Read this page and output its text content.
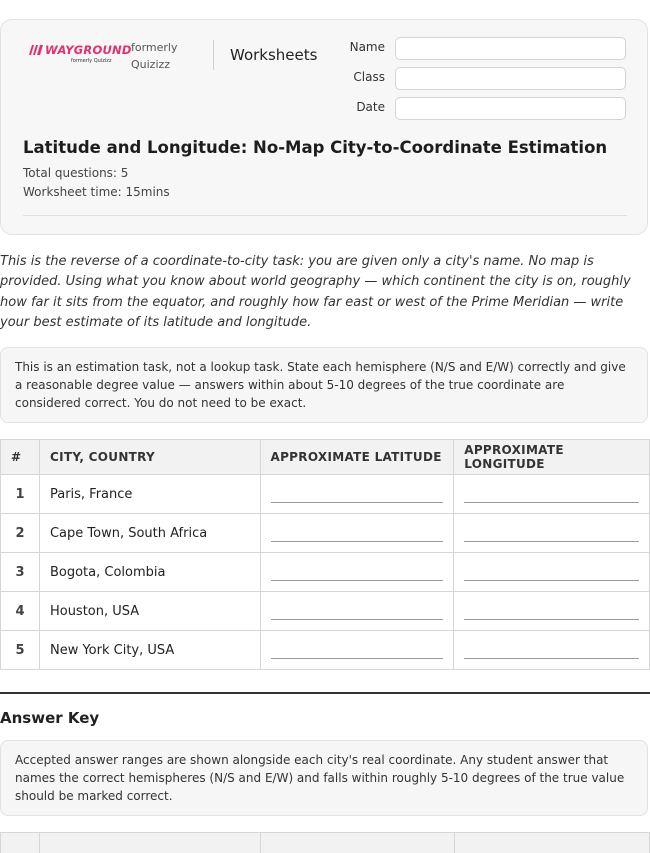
WAYGROUND
formerly Quizizz
formerly
Quizizz
Worksheets	Name
Class
Date
Latitude and Longitude: No-Map City-to-Coordinate Estimation
Total questions: 5
Worksheet time: 15mins
This is the reverse of a coordinate-to-city task: you are given only a city's name. No map is provided. Using what you know about world geography — which continent the city is on, roughly how far it sits from the equator, and roughly how far east or west of the Prime Meridian — write your best estimate of its latitude and longitude.
This is an estimation task, not a lookup task. State each hemisphere (N/S and E/W) correctly and give a reasonable degree value — answers within about 5-10 degrees of the true coordinate are considered correct. You do not need to be exact.
#	CITY, COUNTRY	APPROXIMATE LATITUDE	APPROXIMATE LONGITUDE
1	Paris, France	

2	Cape Town, South Africa	

3	Bogota, Colombia	

4	Houston, USA	

5	New York City, USA	

Answer Key
Accepted answer ranges are shown alongside each city's real coordinate. Any student answer that names the correct hemispheres (N/S and E/W) and falls within roughly 5-10 degrees of the true value should be marked correct.
